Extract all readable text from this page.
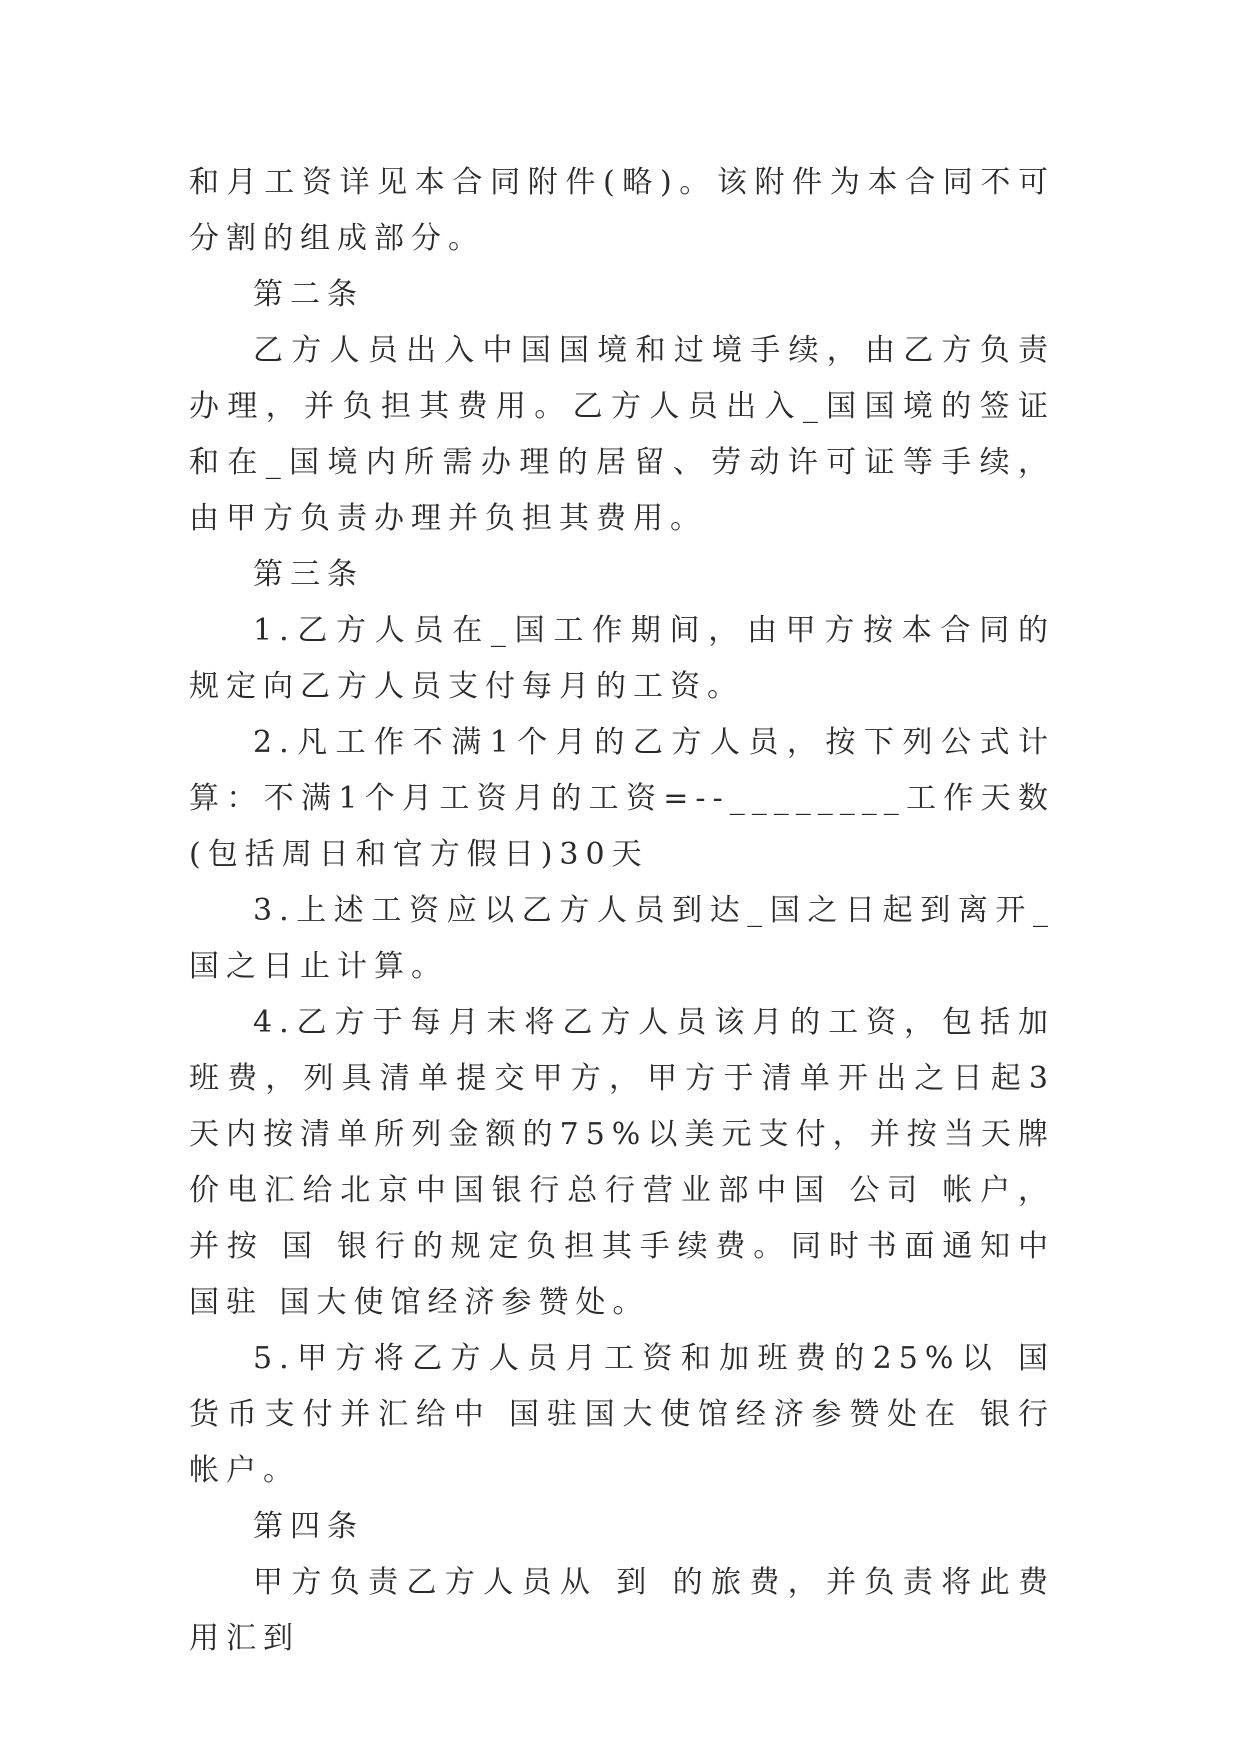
和月工资详见本合同附件(略)。该附件为本合同不可分割的组成部分。

第二条

乙方人员出入中国国境和过境手续，由乙方负责办理，并负担其费用。乙方人员出入_国国境的签证和在_国境内所需办理的居留、劳动许可证等手续，由甲方负责办理并负担其费用。

第三条

1.乙方人员在_国工作期间，由甲方按本合同的规定向乙方人员支付每月的工资。

2.凡工作不满1个月的乙方人员，按下列公式计算：不满1个月工资月的工资=--________工作天数(包括周日和官方假日)30天

3.上述工资应以乙方人员到达_国之日起到离开_国之日止计算。

4.乙方于每月末将乙方人员该月的工资，包括加班费，列具清单提交甲方，甲方于清单开出之日起3天内按清单所列金额的75%以美元支付，并按当天牌价电汇给北京中国银行总行营业部中国 公司 帐户，并按 国 银行的规定负担其手续费。同时书面通知中国驻 国大使馆经济参赞处。

5.甲方将乙方人员月工资和加班费的25%以 国 货币支付并汇给中 国驻国大使馆经济参赞处在 银行 帐户。

第四条

甲方负责乙方人员从 到 的旅费，并负责将此费用汇到
